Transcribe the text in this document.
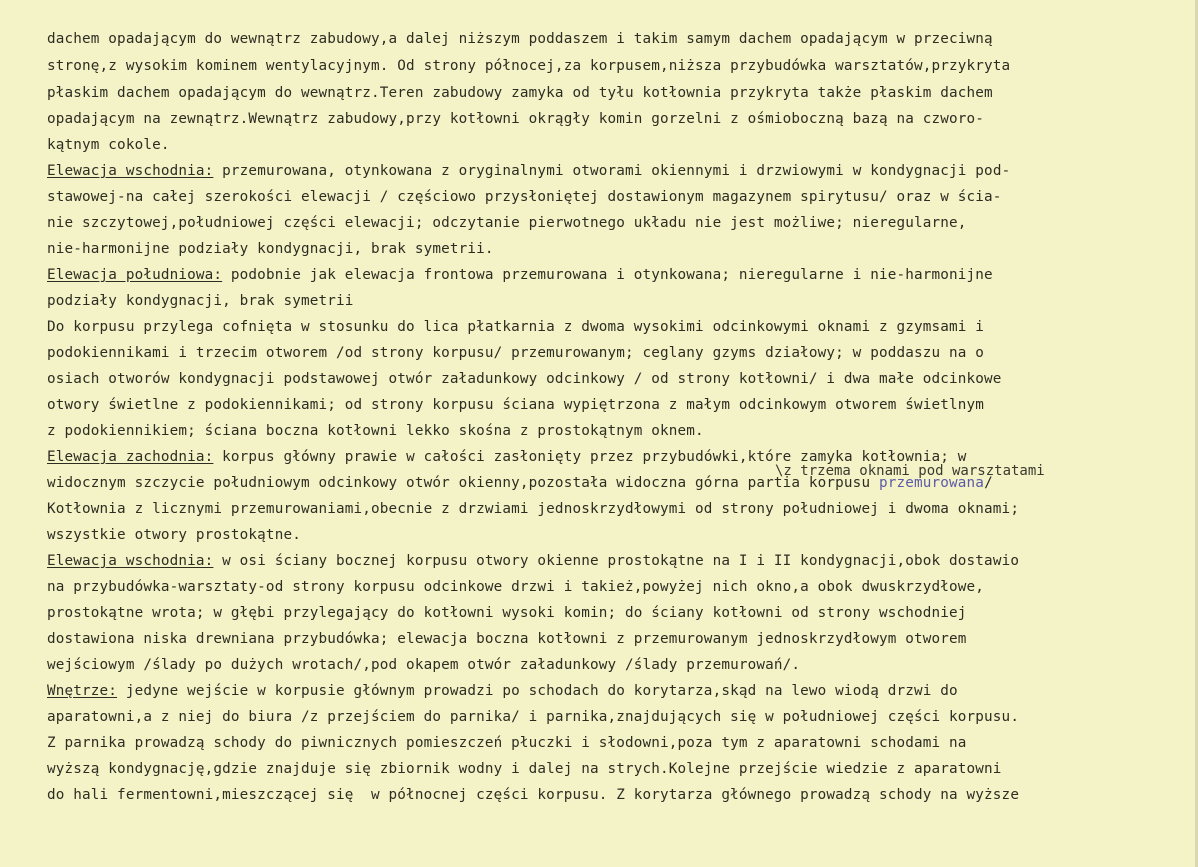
dachem opadającym do wewnątrz zabudowy,a dalej niższym poddaszem i takim samym dachem opadającym w przeciwną
stronę,z wysokim kominem wentylacyjnym. Od strony północej,za korpusem,niższa przybudówka warsztatów,przykryta
płaskim dachem opadającym do wewnątrz.Teren zabudowy zamyka od tyłu kotłownia przykryta także płaskim dachem
opadającym na zewnątrz.Wewnątrz zabudowy,przy kotłowni okrągły komin gorzelni z ośmioboczną bazą na czworo-
kątnym cokole.
Elewacja wschodnia: przemurowana, otynkowana z oryginalnymi otworami okiennymi i drzwiowymi w kondygnacji pod-
stawowej-na całej szerokości elewacji / częściowo przysłoniętej dostawionym magazynem spirytusu/ oraz w ścia-
nie szczytowej,południowej części elewacji; odczytanie pierwotnego układu nie jest możliwe; nieregularne,
nie-harmonijne podziały kondygnacji, brak symetrii.
Elewacja południowa: podobnie jak elewacja frontowa przemurowana i otynkowana; nieregularne i nie-harmonijne
podziały kondygnacji, brak symetrii
Do korpusu przylega cofnięta w stosunku do lica płatkarnia z dwoma wysokimi odcinkowymi oknami z gzymsami i
podokiennikami i trzecim otworem /od strony korpusu/ przemurowanym; ceglany gzyms działowy; w poddaszu na o
osiach otworów kondygnacji podstawowej otwór załadunkowy odcinkowy / od strony kotłowni/ i dwa małe odcinkowe
otwory świetlne z podokiennikami; od strony korpusu ściana wypiętrzona z małym odcinkowym otworem świetlnym
z podokiennikiem; ściana boczna kotłowni lekko skośna z prostokątnym oknem.
Elewacja zachodnia: korpus główny prawie w całości zasłonięty przez przybudówki,które zamyka kotłownia; w
\z trzema oknami pod warsztatami
widocznym szczycie południowym odcinkowy otwór okienny,pozostała widoczna górna partia korpusu przemurowana/
Kotłownia z licznymi przemurowaniami,obecnie z drzwiami jednoskrzydłowymi od strony południowej i dwoma oknami;
wszystkie otwory prostokątne.
Elewacja wschodnia: w osi ściany bocznej korpusu otwory okienne prostokątne na I i II kondygnacji,obok dostawio
na przybudówka-warsztaty-od strony korpusu odcinkowe drzwi i takież,powyżej nich okno,a obok dwuskrzydłowe,
prostokątne wrota; w głębi przylegający do kotłowni wysoki komin; do ściany kotłowni od strony wschodniej
dostawiona niska drewniana przybudówka; elewacja boczna kotłowni z przemurowanym jednoskrzydłowym otworem
wejściowym /ślady po dużych wrotach/,pod okapem otwór załadunkowy /ślady przemurowań/.
Wnętrze: jedyne wejście w korpusie głównym prowadzi po schodach do korytarza,skąd na lewo wiodą drzwi do
aparatowni,a z niej do biura /z przejściem do parnika/ i parnika,znajdujących się w południowej części korpusu.
Z parnika prowadzą schody do piwnicznych pomieszczeń płuczki i słodowni,poza tym z aparatowni schodami na
wyższą kondygnację,gdzie znajduje się zbiornik wodny i dalej na strych.Kolejne przejście wiedzie z aparatowni
do hali fermentowni,mieszczącej się  w północnej części korpusu. Z korytarza głównego prowadzą schody na wyższe
